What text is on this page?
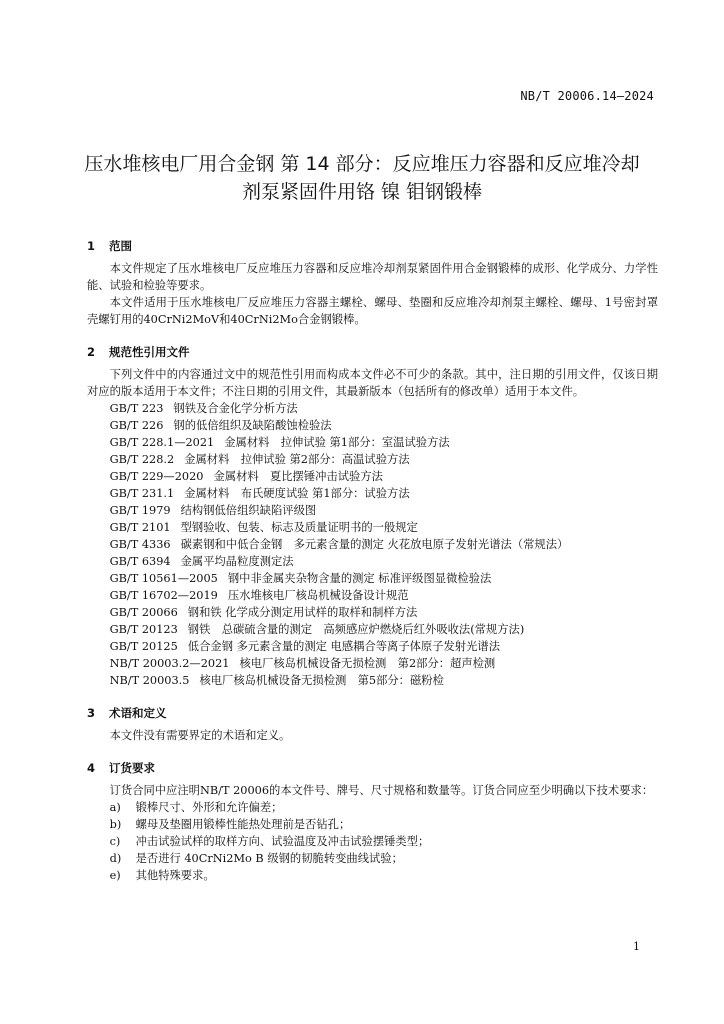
NB/T 20006.14—2024
压水堆核电厂用合金钢 第 14 部分：反应堆压力容器和反应堆冷却
剂泵紧固件用铬 镍 钼钢锻棒
1 范围

本文件规定了压水堆核电厂反应堆压力容器和反应堆冷却剂泵紧固件用合金钢锻棒的成形、化学成分、力学性能、试验和检验等要求。

本文件适用于压水堆核电厂反应堆压力容器主螺栓、螺母、垫圈和反应堆冷却剂泵主螺栓、螺母、1号密封罩壳螺钉用的40CrNi2MoV和40CrNi2Mo合金钢锻棒。

2 规范性引用文件

下列文件中的内容通过文中的规范性引用而构成本文件必不可少的条款。其中，注日期的引用文件，仅该日期对应的版本适用于本文件；不注日期的引用文件，其最新版本（包括所有的修改单）适用于本文件。

GB/T 223 钢铁及合金化学分析方法
GB/T 226 钢的低倍组织及缺陷酸蚀检验法
GB/T 228.1—2021 金属材料　拉伸试验 第1部分：室温试验方法
GB/T 228.2 金属材料　拉伸试验 第2部分：高温试验方法
GB/T 229—2020 金属材料　夏比摆锤冲击试验方法
GB/T 231.1 金属材料　布氏硬度试验 第1部分：试验方法
GB/T 1979 结构钢低倍组织缺陷评级图
GB/T 2101 型钢验收、包装、标志及质量证明书的一般规定
GB/T 4336 碳素钢和中低合金钢　多元素含量的测定 火花放电原子发射光谱法（常规法）
GB/T 6394 金属平均晶粒度测定法
GB/T 10561—2005 钢中非金属夹杂物含量的测定 标准评级图显微检验法
GB/T 16702—2019 压水堆核电厂核岛机械设备设计规范
GB/T 20066 钢和铁 化学成分测定用试样的取样和制样方法
GB/T 20123 钢铁　总碳硫含量的测定　高频感应炉燃烧后红外吸收法(常规方法)
GB/T 20125 低合金钢 多元素含量的测定 电感耦合等离子体原子发射光谱法
NB/T 20003.2—2021 核电厂核岛机械设备无损检测　第2部分：超声检测
NB/T 20003.5 核电厂核岛机械设备无损检测　第5部分：磁粉检
3 术语和定义

本文件没有需要界定的术语和定义。

4 订货要求

订货合同中应注明NB/T 20006的本文件号、牌号、尺寸规格和数量等。订货合同应至少明确以下技术要求：

a) 锻棒尺寸、外形和允许偏差；
b) 螺母及垫圈用锻棒性能热处理前是否钻孔；
c) 冲击试验试样的取样方向、试验温度及冲击试验摆锤类型；
d) 是否进行 40CrNi2Mo B 级钢的韧脆转变曲线试验；
e) 其他特殊要求。
1
